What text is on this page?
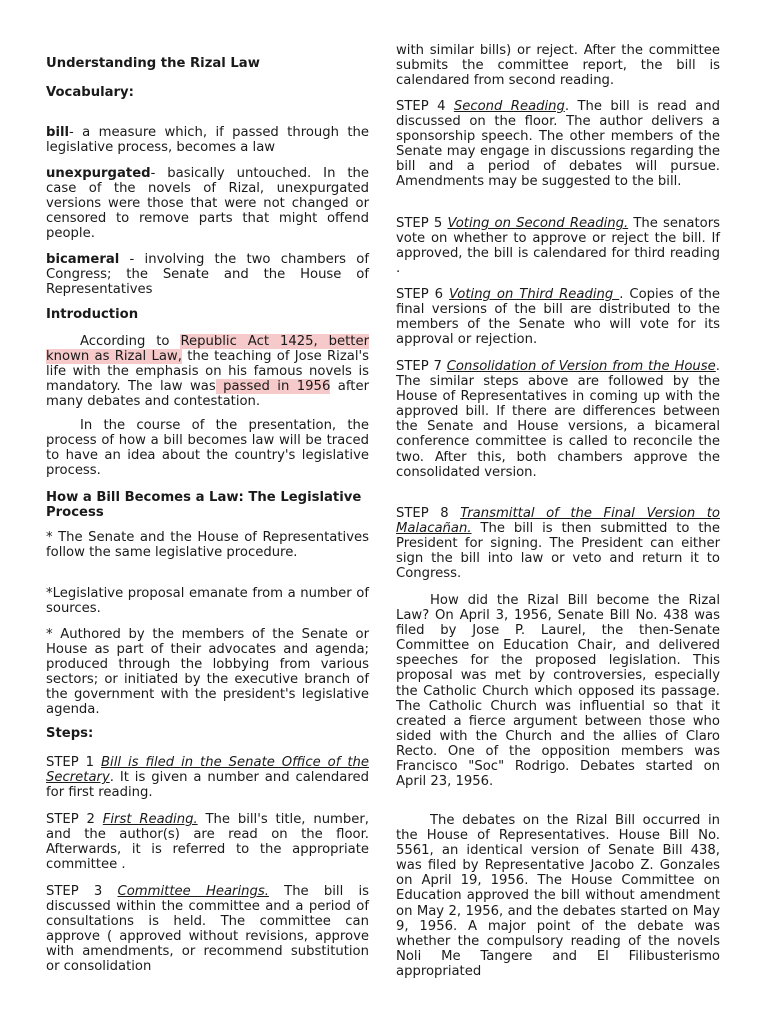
Understanding the Rizal Law
Vocabulary:

bill- a measure which, if passed through the legislative process, becomes a law

unexpurgated- basically untouched. In the case of the novels of Rizal, unexpurgated versions were those that were not changed or censored to remove parts that might offend people.

bicameral - involving the two chambers of Congress; the Senate and the House of Representatives

Introduction

According to Republic Act 1425, better known as Rizal Law, the teaching of Jose Rizal's life with the emphasis on his famous novels is mandatory. The law was passed in 1956 after many debates and contestation.

In the course of the presentation, the process of how a bill becomes law will be traced to have an idea about the country's legislative process.

How a Bill Becomes a Law: The Legislative Process

* The Senate and the House of Representatives follow the same legislative procedure.

*Legislative proposal emanate from a number of sources.

* Authored by the members of the Senate or House as part of their advocates and agenda; produced through the lobbying from various sectors; or initiated by the executive branch of the government with the president's legislative agenda.

Steps:

STEP 1 Bill is filed in the Senate Office of the Secretary. It is given a number and calendared for first reading.

STEP 2 First Reading. The bill's title, number, and the author(s) are read on the floor. Afterwards, it is referred to the appropriate committee .

STEP 3 Committee Hearings. The bill is discussed within the committee and a period of consultations is held. The committee can approve ( approved without revisions, approve with amendments, or recommend substitution or consolidation

with similar bills) or reject. After the committee submits the committee report, the bill is calendared from second reading.

STEP 4 Second Reading. The bill is read and discussed on the floor. The author delivers a sponsorship speech. The other members of the Senate may engage in discussions regarding the bill and a period of debates will pursue. Amendments may be suggested to the bill.

STEP 5 Voting on Second Reading. The senators vote on whether to approve or reject the bill. If approved, the bill is calendared for third reading .

STEP 6 Voting on Third Reading . Copies of the final versions of the bill are distributed to the members of the Senate who will vote for its approval or rejection.

STEP 7 Consolidation of Version from the House. The similar steps above are followed by the House of Representatives in coming up with the approved bill. If there are differences between the Senate and House versions, a bicameral conference committee is called to reconcile the two. After this, both chambers approve the consolidated version.

STEP 8 Transmittal of the Final Version to Malacañan. The bill is then submitted to the President for signing. The President can either sign the bill into law or veto and return it to Congress.

How did the Rizal Bill become the Rizal Law? On April 3, 1956, Senate Bill No. 438 was filed by Jose P. Laurel, the then-Senate Committee on Education Chair, and delivered speeches for the proposed legislation. This proposal was met by controversies, especially the Catholic Church which opposed its passage. The Catholic Church was influential so that it created a fierce argument between those who sided with the Church and the allies of Claro Recto. One of the opposition members was Francisco "Soc" Rodrigo. Debates started on April 23, 1956.

The debates on the Rizal Bill occurred in the House of Representatives. House Bill No. 5561, an identical version of Senate Bill 438, was filed by Representative Jacobo Z. Gonzales on April 19, 1956. The House Committee on Education approved the bill without amendment on May 2, 1956, and the debates started on May 9, 1956. A major point of the debate was whether the compulsory reading of the novels Noli Me Tangere and El Filibusterismo appropriated
